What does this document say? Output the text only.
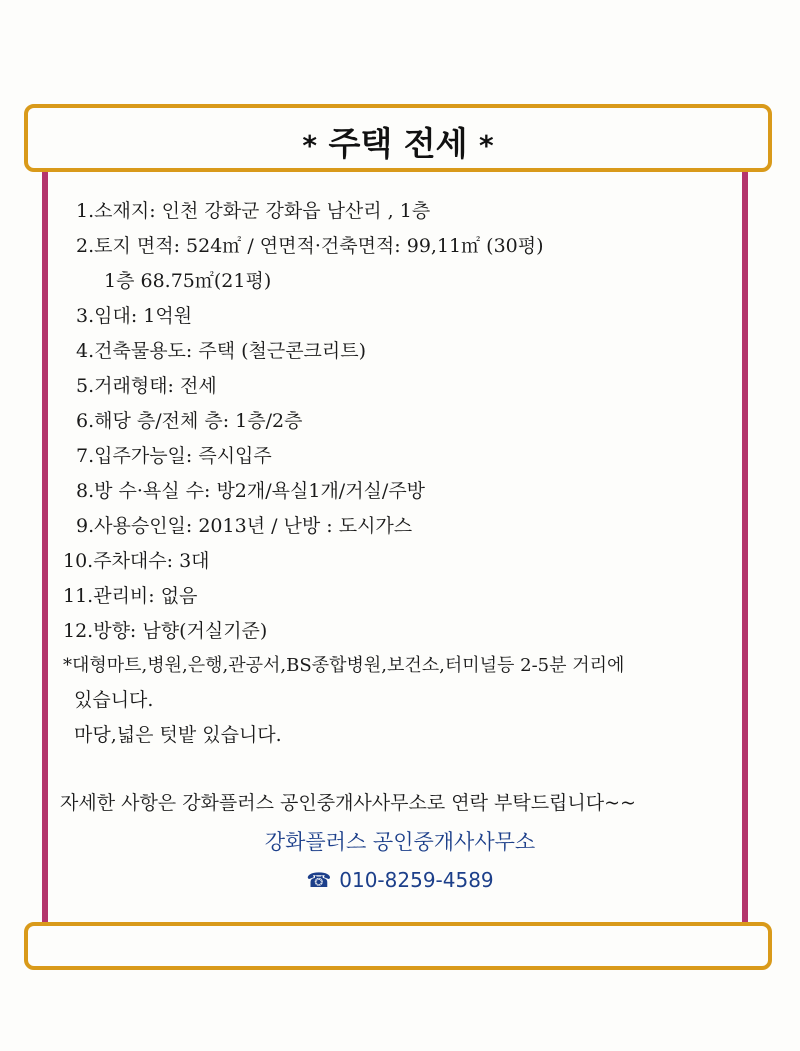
* 주택 전세 *
1.소재지: 인천 강화군 강화읍 남산리 , 1층
2.토지 면적: 524㎡ / 연면적·건축면적: 99,11㎡ (30평)
1층 68.75㎡(21평)
3.임대: 1억원
4.건축물용도: 주택 (철근콘크리트)
5.거래형태: 전세
6.해당 층/전체 층: 1층/2층
7.입주가능일: 즉시입주
8.방 수·욕실 수: 방2개/욕실1개/거실/주방
9.사용승인일: 2013년 / 난방 : 도시가스
10.주차대수: 3대
11.관리비: 없음
12.방향: 남향(거실기준)
*대형마트,병원,은행,관공서,BS종합병원,보건소,터미널등 2-5분 거리에
있습니다.
마당,넓은 텃밭 있습니다.
자세한 사항은 강화플러스 공인중개사사무소로 연락 부탁드립니다~~
강화플러스 공인중개사사무소
☎ 010-8259-4589
